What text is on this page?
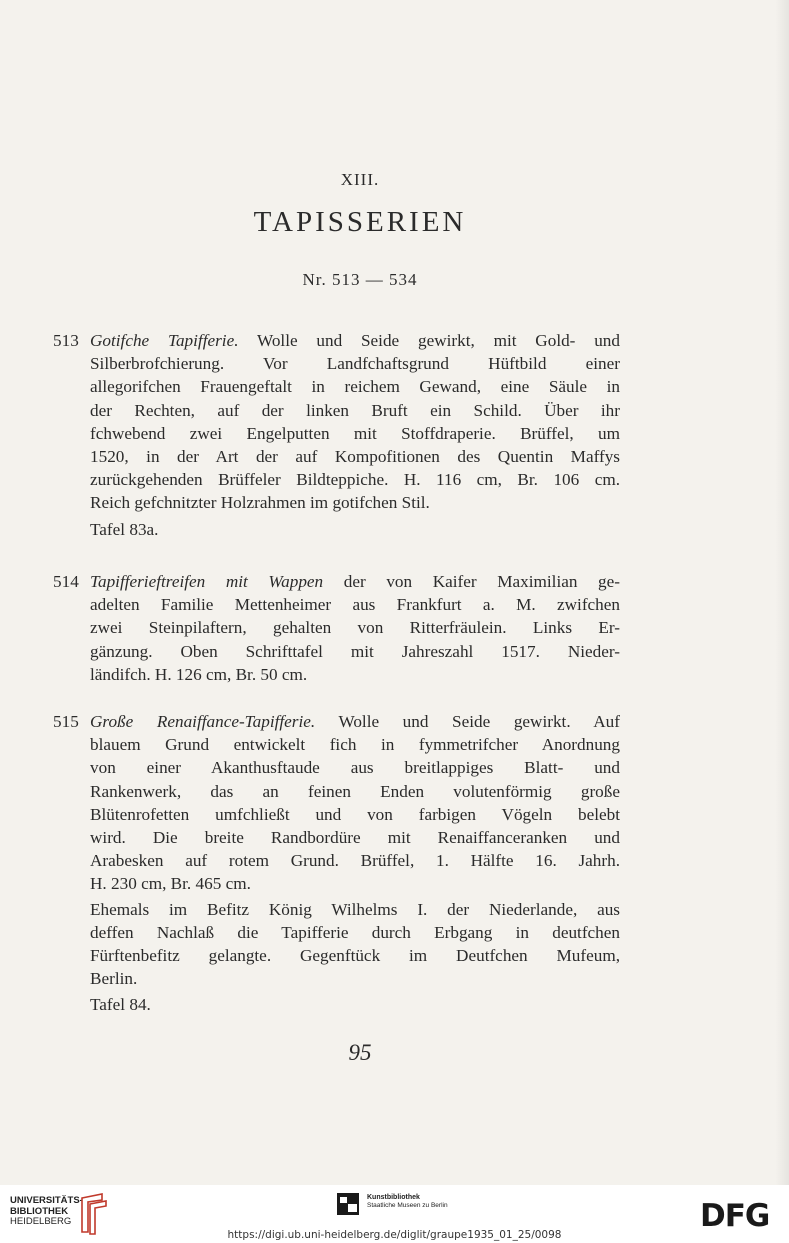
XIII.
TAPISSERIEN
Nr. 513 — 534
513 Gotifche Tapifferie. Wolle und Seide gewirkt, mit Gold- und
Silberbrofchierung. Vor Landfchaftsgrund Hüftbild einer
allegorifchen Frauengeftalt in reichem Gewand, eine Säule in
der Rechten, auf der linken Bruft ein Schild. Über ihr
fchwebend zwei Engelputten mit Stoffdraperie. Brüffel, um
1520, in der Art der auf Kompofitionen des Quentin Maffys
zurückgehenden Brüffeler Bildteppiche. H. 116 cm, Br. 106 cm.
Reich gefchnitzter Holzrahmen im gotifchen Stil.
Tafel 83a.
514 Tapifferieftreifen mit Wappen der von Kaifer Maximilian ge-
adelten Familie Mettenheimer aus Frankfurt a. M. zwifchen
zwei Steinpilaftern, gehalten von Ritterfräulein. Links Er-
gänzung. Oben Schrifttafel mit Jahreszahl 1517. Nieder-
ländifch. H. 126 cm, Br. 50 cm.
515 Große Renaiffance-Tapifferie. Wolle und Seide gewirkt. Auf
blauem Grund entwickelt fich in fymmetrifcher Anordnung
von einer Akanthusftaude aus breitlappiges Blatt- und
Rankenwerk, das an feinen Enden volutenförmig große
Blütenrofetten umfchließt und von farbigen Vögeln belebt
wird. Die breite Randbordüre mit Renaiffanceranken und
Arabesken auf rotem Grund. Brüffel, 1. Hälfte 16. Jahrh.
H. 230 cm, Br. 465 cm.
Ehemals im Befitz König Wilhelms I. der Niederlande, aus
deffen Nachlaß die Tapifferie durch Erbgang in deutfchen
Fürftenbefitz gelangte. Gegenftück im Deutfchen Mufeum,
Berlin.
Tafel 84.
95
UNIVERSITÄTS-
BIBLIOTHEK
HEIDELBERG
Kunstbibliothek
Staatliche Museen zu Berlin	DFG
https://digi.ub.uni-heidelberg.de/diglit/graupe1935_01_25/0098
